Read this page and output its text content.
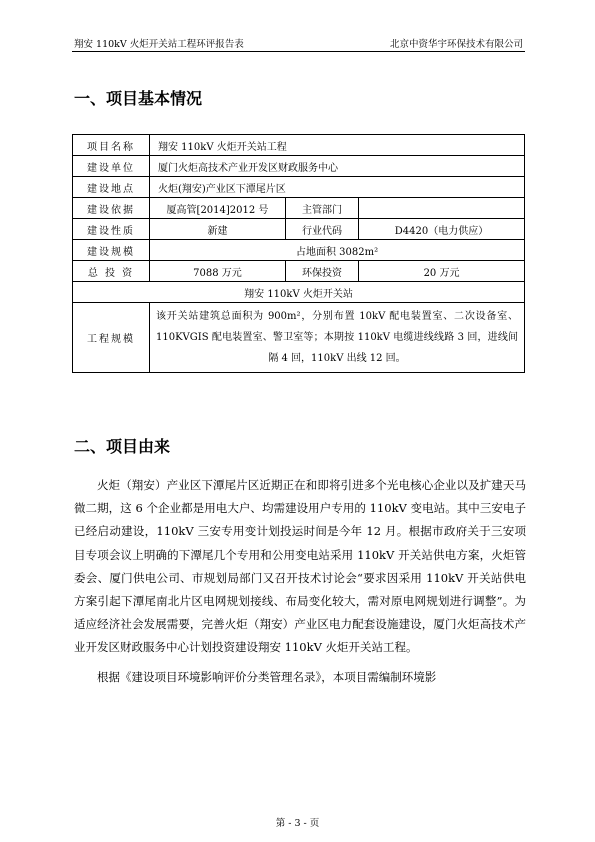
翔安 110kV 火炬开关站工程环评报告表	北京中资华宇环保技术有限公司
一、项目基本情况
项目名称	翔安 110kV 火炬开关站工程		
建设单位	厦门火炬高技术产业开发区财政服务中心		
建设地点	火炬(翔安)产业区下潭尾片区		
建设依据	厦高管[2014]2012 号	主管部门	
建设性质	新建	行业代码	D4420（电力供应）
建设规模	占地面积 3082m²		
总 投 资	7088 万元	环保投资	20 万元
翔安 110kV 火炬开关站			
工程规模	该开关站建筑总面积为 900m²，分别布置 10kV 配电装置室、二次设备室、110KVGIS 配电装置室、警卫室等；本期按 110kV 电缆进线线路 3 回，进线间隔 4 回，110kV 出线 12 回。		
二、项目由来

火炬（翔安）产业区下潭尾片区近期正在和即将引进多个光电核心企业以及扩建天马微二期，这 6 个企业都是用电大户、均需建设用户专用的 110kV 变电站。其中三安电子已经启动建设，110kV 三安专用变计划投运时间是今年 12 月。根据市政府关于三安项目专项会议上明确的下潭尾几个专用和公用变电站采用 110kV 开关站供电方案，火炬管委会、厦门供电公司、市规划局部门又召开技术讨论会“要求因采用 110kV 开关站供电方案引起下潭尾南北片区电网规划接线、布局变化较大，需对原电网规划进行调整”。为适应经济社会发展需要，完善火炬（翔安）产业区电力配套设施建设，厦门火炬高技术产业开发区财政服务中心计划投资建设翔安 110kV 火炬开关站工程。

根据《建设项目环境影响评价分类管理名录》，本项目需编制环境影

第 - 3 - 页
